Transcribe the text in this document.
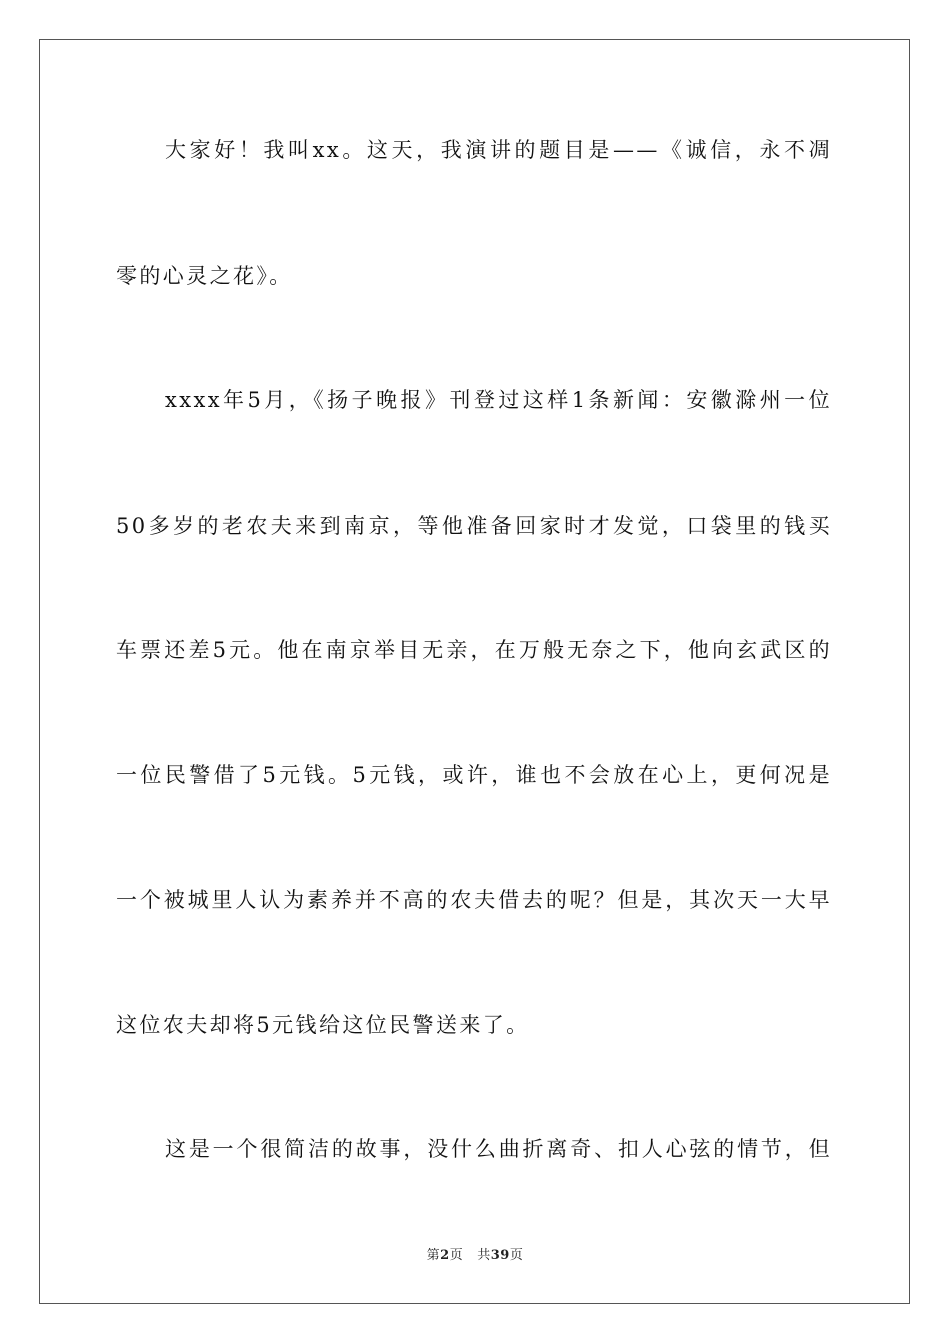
大家好！我叫xx。这天，我演讲的题目是——《诚信，永不凋
零的心灵之花》。
xxxx年5月，《扬子晚报》刊登过这样1条新闻：安徽滁州一位
50多岁的老农夫来到南京，等他准备回家时才发觉，口袋里的钱买
车票还差5元。他在南京举目无亲，在万般无奈之下，他向玄武区的
一位民警借了5元钱。5元钱，或许，谁也不会放在心上，更何况是
一个被城里人认为素养并不高的农夫借去的呢？但是，其次天一大早
这位农夫却将5元钱给这位民警送来了。
这是一个很简洁的故事，没什么曲折离奇、扣人心弦的情节，但
第2页 共39页
